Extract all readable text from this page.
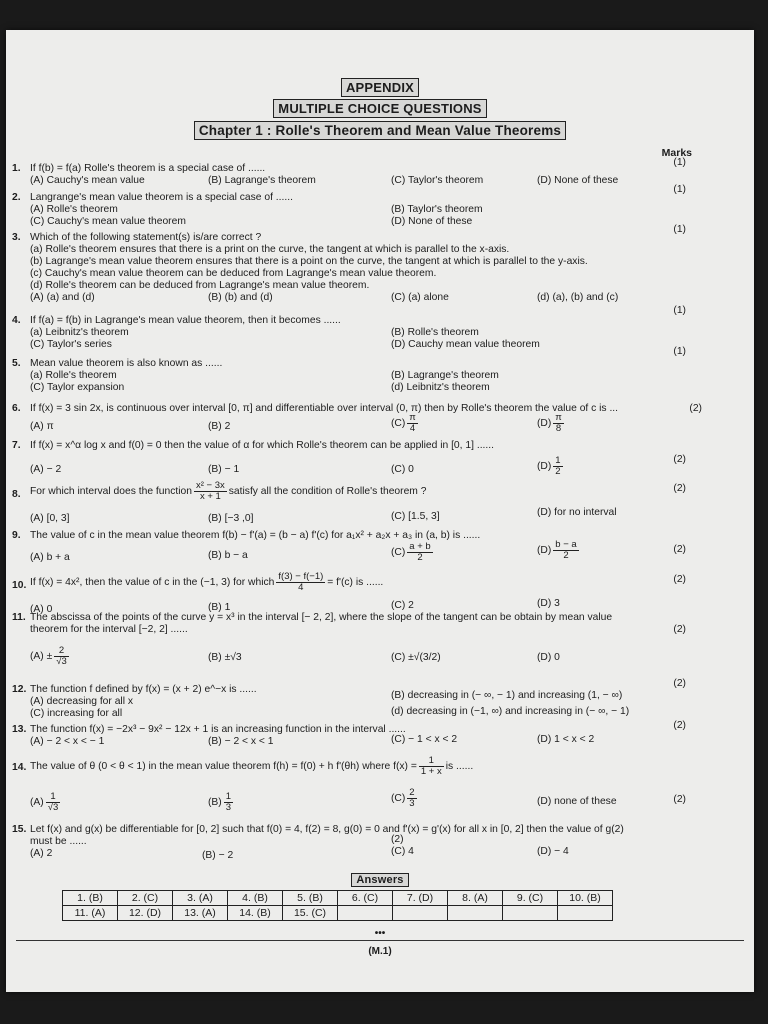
APPENDIX
MULTIPLE CHOICE QUESTIONS
Chapter 1 : Rolle's Theorem and Mean Value Theorems
Marks
1. If f(b) = f(a) Rolle's theorem is a special case of ......
(1)
(A) Cauchy's mean value	(B) Lagrange's theorem	(C) Taylor's theorem	(D) None of these
2. Langrange's mean value theorem is a special case of ......
(1)
(A) Rolle's theorem	(B) Taylor's theorem
(C) Cauchy's mean value theorem	(D) None of these
3. Which of the following statement(s) is/are correct ?
(1)
(a) Rolle's theorem ensures that there is a print on the curve, the tangent at which is parallel to the x-axis.
(b) Lagrange's mean value theorem ensures that there is a point on the curve, the tangent at which is parallel to the y-axis.
(c) Cauchy's mean value theorem can be deduced from Lagrange's mean value theorem.
(d) Rolle's theorem can be deduced from Lagrange's mean value theorem.
(A) (a) and (d)	(B) (b) and (d)	(C) (a) alone	(d) (a), (b) and (c)
4. If f(a) = f(b) in Lagrange's mean value theorem, then it becomes ......
(1)
(a) Leibnitz's theorem	(B) Rolle's theorem
(C) Taylor's series	(D) Cauchy mean value theorem
5. Mean value theorem is also known as ......
(1)
(a) Rolle's theorem	(B) Lagrange's theorem
(C) Taylor expansion	(d) Leibnitz's theorem
6. If f(x) = 3 sin 2x, is continuous over interval [0, π] and differentiable over interval (0, π) then by Rolle's theorem the value of c is ...	(2)
(A) π	(B) 2	$(C) \frac{\pi}{4}$	$(D) \frac{\pi}{8}$
7. If f(x) = x^α log x and f(0) = 0 then the value of α for which Rolle's theorem can be applied in [0, 1] ......
(2)
(A) − 2	(B) − 1	(C) 0	$(D) \frac{1}{2}$
8. For which interval does the function $\frac{\text{x² − 3x}}{x + 1}$ satisfy all the condition of Rolle's theorem ?	(2)
(A) [0, 3]	(B) [−3 ,0]	(C) [1.5, 3]	(D) for no interval
9. The value of c in the mean value theorem f(b) − f'(a) = (b − a) f'(c) for a₁x² + a₂x + a₃ in (a, b) is ......
(2)
(A) b + a	(B) b − a	$(C) \frac{a + b}{2}$	$(D) \frac{b - a}{2}$
10. If f(x) = 4x², then the value of c in the (−1, 3) for which $\frac{f(3) - f(-1)}{4} = f'(c)$ is ......	(2)
(A) 0	(B) 1	(C) 2	(D) 3
11. The abscissa of the points of the curve y = x³ in the interval [− 2, 2], where the slope of the tangent can be obtain by mean value
theorem for the interval [−2, 2] ......	(2)
$(A) \pm \frac{2}{√3}$	(B) ±√3	(C) ±√(3/2)	(D) 0
12. The function f defined by f(x) = (x + 2) e^−x is ......
(2)
(A) decreasing for all x
(B) decreasing in (− ∞, − 1) and increasing (1, − ∞)
(C) increasing for all	(d) decreasing in (−1, ∞) and increasing in (− ∞, − 1)
13. The function f(x) = −2x³ − 9x² − 12x + 1 is an increasing function in the interval ......	(2)
(A) − 2 < x < − 1	(B) − 2 < x < 1	(C) − 1 < x < 2	(D) 1 < x < 2
14. The value of θ (0 < θ < 1) in the mean value theorem f(h) = f(0) + h f'(θh) where $f(x) = \frac{1}{1 + x}$ is ......
(2)
$(A) \frac{1}{√3}$	$(B) \frac{1}{3}$	$(C) \frac{2}{3}$	(D) none of these
15. Let f(x) and g(x) be differentiable for [0, 2] such that f(0) = 4, f(2) = 8, g(0) = 0 and f'(x) = g'(x) for all x in [0, 2] then the value of g(2)
must be ......	(2)
(A) 2	(B) − 2	(C) 4	(D) − 4
Answers
1. (B)	2. (C)	3. (A)	4. (B)	5. (B)	6. (C)	7. (D)	8. (A)	9. (C)	10. (B)
11. (A)	12. (D)	13. (A)	14. (B)	15. (C)					
•••
(M.1)
